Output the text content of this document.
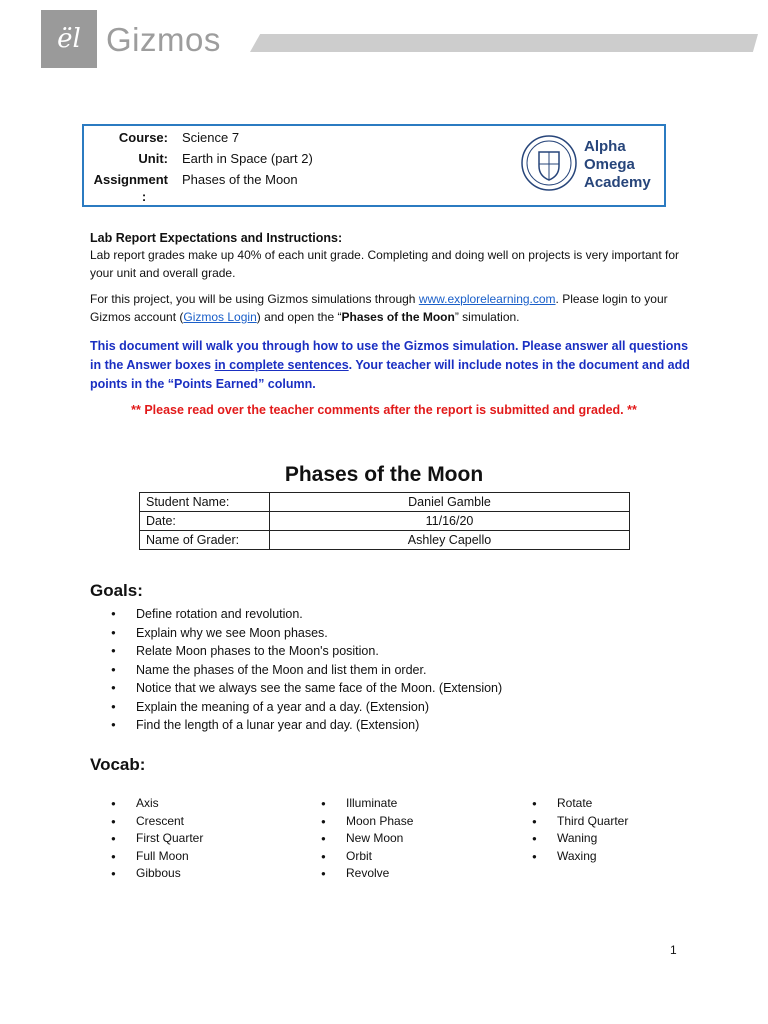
ël Gizmos
Course: Science 7
Unit: Earth in Space (part 2)
Assignment
:
Phases of the Moon
Alpha
Omega
Academy
Lab Report Expectations and Instructions:
Lab report grades make up 40% of each unit grade. Completing and doing well on projects is very important for your unit and overall grade.
For this project, you will be using Gizmos simulations through www.explorelearning.com. Please login to your Gizmos account (Gizmos Login) and open the “Phases of the Moon” simulation.
This document will walk you through how to use the Gizmos simulation. Please answer all questions in the Answer boxes in complete sentences. Your teacher will include notes in the document and add points in the “Points Earned” column.
** Please read over the teacher comments after the report is submitted and graded. **
Phases of the Moon
Student Name:	Daniel Gamble
Date:	11/16/20
Name of Grader:	Ashley Capello
Goals:
● Define rotation and revolution.
● Explain why we see Moon phases.
● Relate Moon phases to the Moon's position.
● Name the phases of the Moon and list them in order.
● Notice that we always see the same face of the Moon. (Extension)
● Explain the meaning of a year and a day. (Extension)
● Find the length of a lunar year and day. (Extension)
Vocab:
● Axis
● Crescent
● First Quarter
● Full Moon
● Gibbous
● Illuminate
● Moon Phase
● New Moon
● Orbit
● Revolve
● Rotate
● Third Quarter
● Waning
● Waxing
1
